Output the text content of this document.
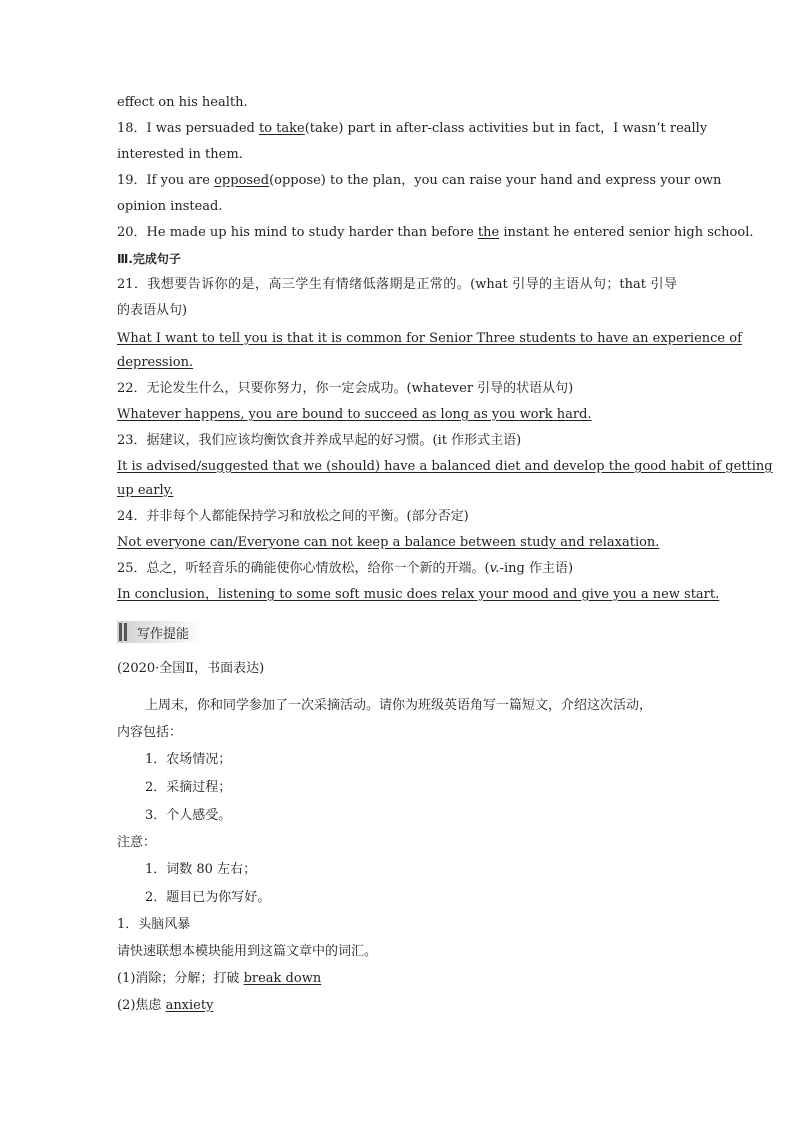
effect on his health.
18．I was persuaded to take(take) part in after-class activities but in fact，I wasn’t really
interested in them.
19．If you are opposed(oppose) to the plan，you can raise your hand and express your own
opinion instead.
20．He made up his mind to study harder than before the instant he entered senior high school.
Ⅲ.完成句子
21．我想要告诉你的是，高三学生有情绪低落期是正常的。(what 引导的主语从句；that 引导
的表语从句)
What I want to tell you is that it is common for Senior Three students to have an experience of
depression.
22．无论发生什么，只要你努力，你一定会成功。(whatever 引导的状语从句)
Whatever happens, you are bound to succeed as long as you work hard.
23．据建议，我们应该均衡饮食并养成早起的好习惯。(it 作形式主语)
It is advised/suggested that we (should) have a balanced diet and develop the good habit of getting
up early.
24．并非每个人都能保持学习和放松之间的平衡。(部分否定)
Not everyone can/Everyone can not keep a balance between study and relaxation.
25．总之，听轻音乐的确能使你心情放松，给你一个新的开端。(v.-ing 作主语)
In conclusion，listening to some soft music does relax your mood and give you a new start.
写作提能
(2020·全国Ⅱ，书面表达)
上周末，你和同学参加了一次采摘活动。请你为班级英语角写一篇短文，介绍这次活动，
内容包括：
1．农场情况；
2．采摘过程；
3．个人感受。
注意：
1．词数 80 左右；
2．题目已为你写好。
1．头脑风暴
请快速联想本模块能用到这篇文章中的词汇。
(1)消除；分解；打破 break down
(2)焦虑 anxiety
